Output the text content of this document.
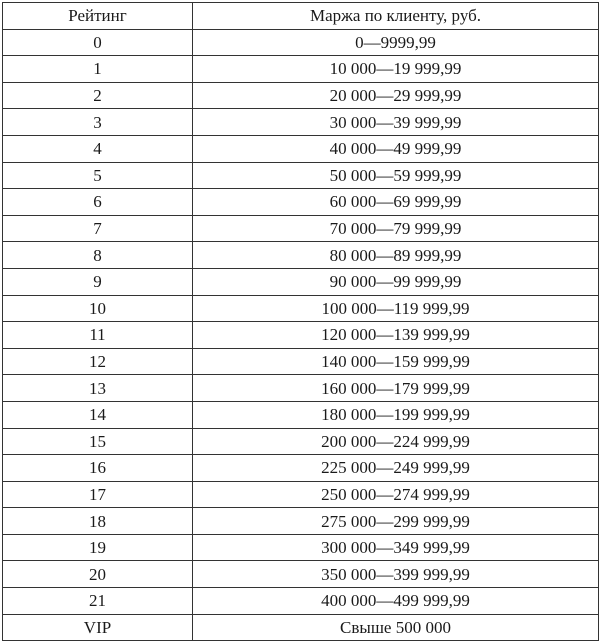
Рейтинг	Маржа по клиенту, руб.
0	0—9999,99
1	10 000—19 999,99
2	20 000—29 999,99
3	30 000—39 999,99
4	40 000—49 999,99
5	50 000—59 999,99
6	60 000—69 999,99
7	70 000—79 999,99
8	80 000—89 999,99
9	90 000—99 999,99
10	100 000—119 999,99
11	120 000—139 999,99
12	140 000—159 999,99
13	160 000—179 999,99
14	180 000—199 999,99
15	200 000—224 999,99
16	225 000—249 999,99
17	250 000—274 999,99
18	275 000—299 999,99
19	300 000—349 999,99
20	350 000—399 999,99
21	400 000—499 999,99
VIP	Свыше 500 000
